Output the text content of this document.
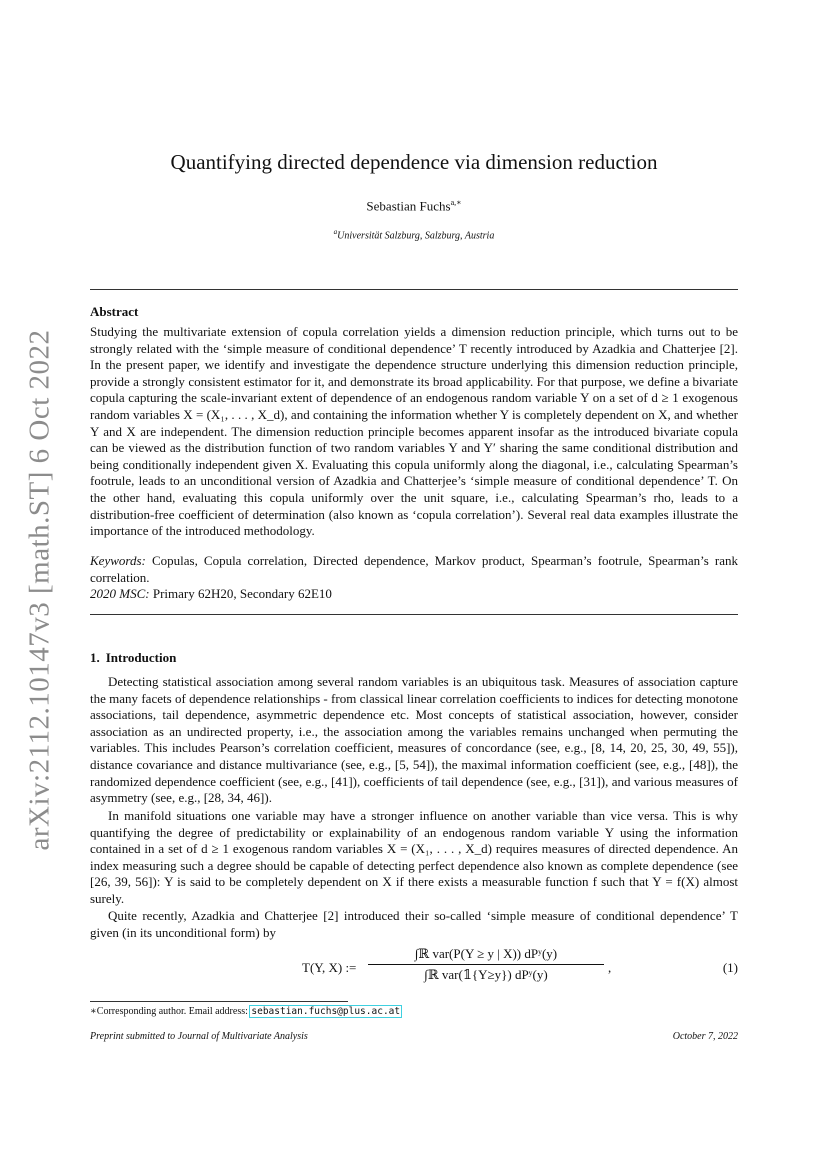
arXiv:2112.10147v3 [math.ST] 6 Oct 2022
Quantifying directed dependence via dimension reduction
Sebastian Fuchs$^{a,∗}$
$^a$Universität Salzburg, Salzburg, Austria
Abstract

Studying the multivariate extension of copula correlation yields a dimension reduction principle, which turns out to be strongly related with the ‘simple measure of conditional dependence’ T recently introduced by Azadkia and Chatterjee [2]. In the present paper, we identify and investigate the dependence structure underlying this dimension reduction principle, provide a strongly consistent estimator for it, and demonstrate its broad applicability. For that purpose, we define a bivariate copula capturing the scale-invariant extent of dependence of an endogenous random variable Y on a set of d ≥ 1 exogenous random variables X = (X₁, . . . , X_d), and containing the information whether Y is completely dependent on X, and whether Y and X are independent. The dimension reduction principle becomes apparent insofar as the introduced bivariate copula can be viewed as the distribution function of two random variables Y and Y′ sharing the same conditional distribution and being conditionally independent given X. Evaluating this copula uniformly along the diagonal, i.e., calculating Spearman’s footrule, leads to an unconditional version of Azadkia and Chatterjee’s ‘simple measure of conditional dependence’ T. On the other hand, evaluating this copula uniformly over the unit square, i.e., calculating Spearman’s rho, leads to a distribution-free coefficient of determination (also known as ‘copula correlation’). Several real data examples illustrate the importance of the introduced methodology.

Keywords: Copulas, Copula correlation, Directed dependence, Markov product, Spearman’s footrule, Spearman’s rank correlation.

2020 MSC: Primary 62H20, Secondary 62E10

1. Introduction

Detecting statistical association among several random variables is an ubiquitous task. Measures of association capture the many facets of dependence relationships - from classical linear correlation coefficients to indices for detecting monotone associations, tail dependence, asymmetric dependence etc. Most concepts of statistical association, however, consider association as an undirected property, i.e., the association among the variables remains unchanged when permuting the variables. This includes Pearson’s correlation coefficient, measures of concordance (see, e.g., [8, 14, 20, 25, 30, 49, 55]), distance covariance and distance multivariance (see, e.g., [5, 54]), the maximal information coefficient (see, e.g., [48]), the randomized dependence coefficient (see, e.g., [41]), coefficients of tail dependence (see, e.g., [31]), and various measures of asymmetry (see, e.g., [28, 34, 46]).

In manifold situations one variable may have a stronger influence on another variable than vice versa. This is why quantifying the degree of predictability or explainability of an endogenous random variable Y using the information contained in a set of d ≥ 1 exogenous random variables X = (X₁, . . . , X_d) requires measures of directed dependence. An index measuring such a degree should be capable of detecting perfect dependence also known as complete dependence (see [26, 39, 56]): Y is said to be completely dependent on X if there exists a measurable function f such that Y = f(X) almost surely.

Quite recently, Azadkia and Chatterjee [2] introduced their so-called ‘simple measure of conditional dependence’ T given (in its unconditional form) by

T(Y, X) :=
∫ℝ var(P(Y ≥ y | X)) dPʸ(y)
∫ℝ var(𝟙{Y≥y}) dPʸ(y)	,	(1)
∗Corresponding author. Email address: sebastian.fuchs@plus.ac.at
Preprint submitted to Journal of Multivariate Analysis	October 7, 2022
